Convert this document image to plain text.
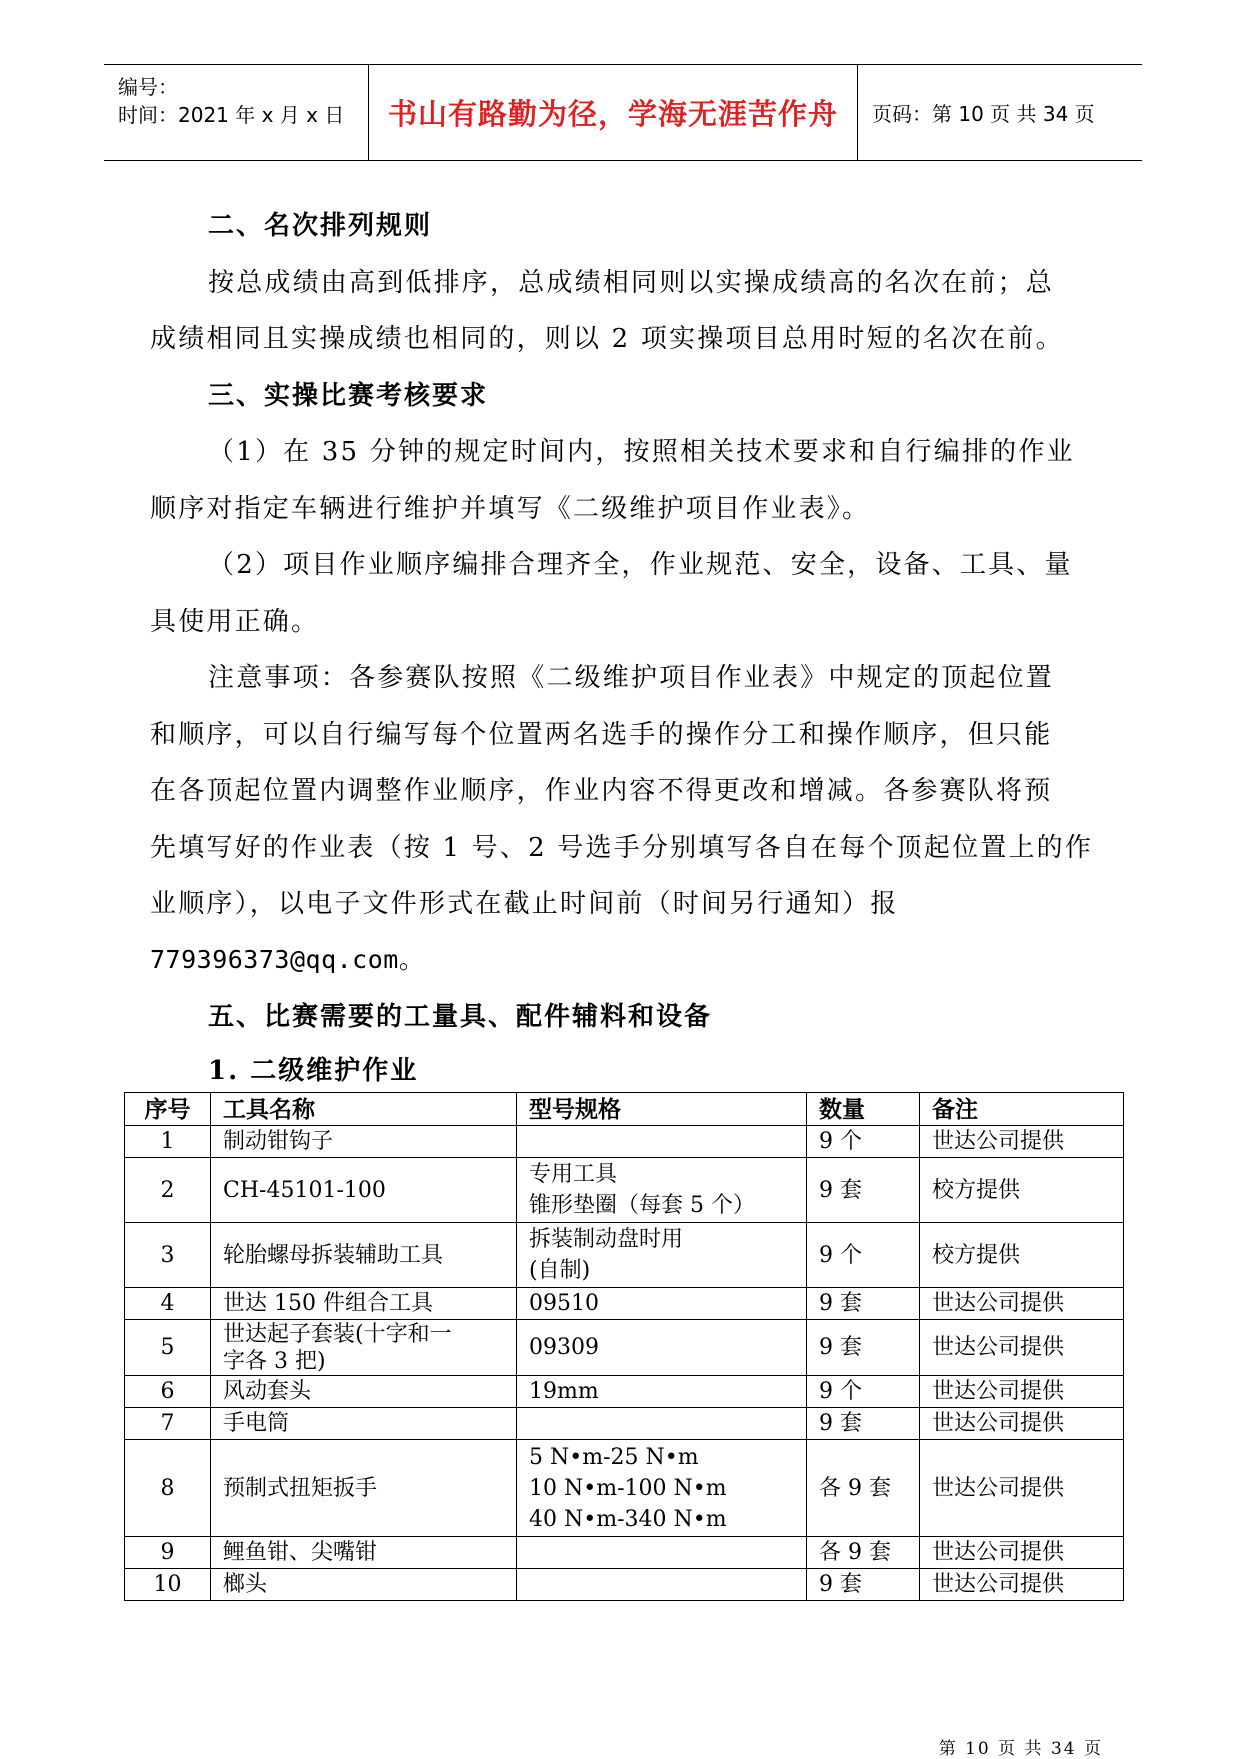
编号：
时间：2021 年 x 月 x 日 书山有路勤为径，学海无涯苦作舟	页码：第 10 页 共 34 页
二、名次排列规则
按总成绩由高到低排序，总成绩相同则以实操成绩高的名次在前；总
成绩相同且实操成绩也相同的，则以 2 项实操项目总用时短的名次在前。
三、实操比赛考核要求
（1）在 35 分钟的规定时间内，按照相关技术要求和自行编排的作业
顺序对指定车辆进行维护并填写《二级维护项目作业表》。
（2）项目作业顺序编排合理齐全，作业规范、安全，设备、工具、量
具使用正确。
注意事项：各参赛队按照《二级维护项目作业表》中规定的顶起位置
和顺序，可以自行编写每个位置两名选手的操作分工和操作顺序，但只能
在各顶起位置内调整作业顺序，作业内容不得更改和增减。各参赛队将预
先填写好的作业表（按 1 号、2 号选手分别填写各自在每个顶起位置上的作
业顺序），以电子文件形式在截止时间前（时间另行通知）报
779396373@qq.com。
五、比赛需要的工量具、配件辅料和设备
1. 二级维护作业
序号	工具名称	型号规格	数量	备注
1	制动钳钩子		9 个	世达公司提供
2	CH-45101-100	专用工具
锥形垫圈（每套 5 个）	9 套	校方提供
3	轮胎螺母拆装辅助工具	拆装制动盘时用
(自制)	9 个	校方提供
4	世达 150 件组合工具	09510	9 套	世达公司提供
5	世达起子套装(十字和一
字各 3 把)	09309	9 套	世达公司提供
6	风动套头	19mm	9 个	世达公司提供
7	手电筒		9 套	世达公司提供
8	预制式扭矩扳手	5 N•m-25 N•m
10 N•m-100 N•m
40 N•m-340 N•m	各 9 套	世达公司提供
9	鲤鱼钳、尖嘴钳		各 9 套	世达公司提供
10	榔头		9 套	世达公司提供
第 10 页 共 34 页
